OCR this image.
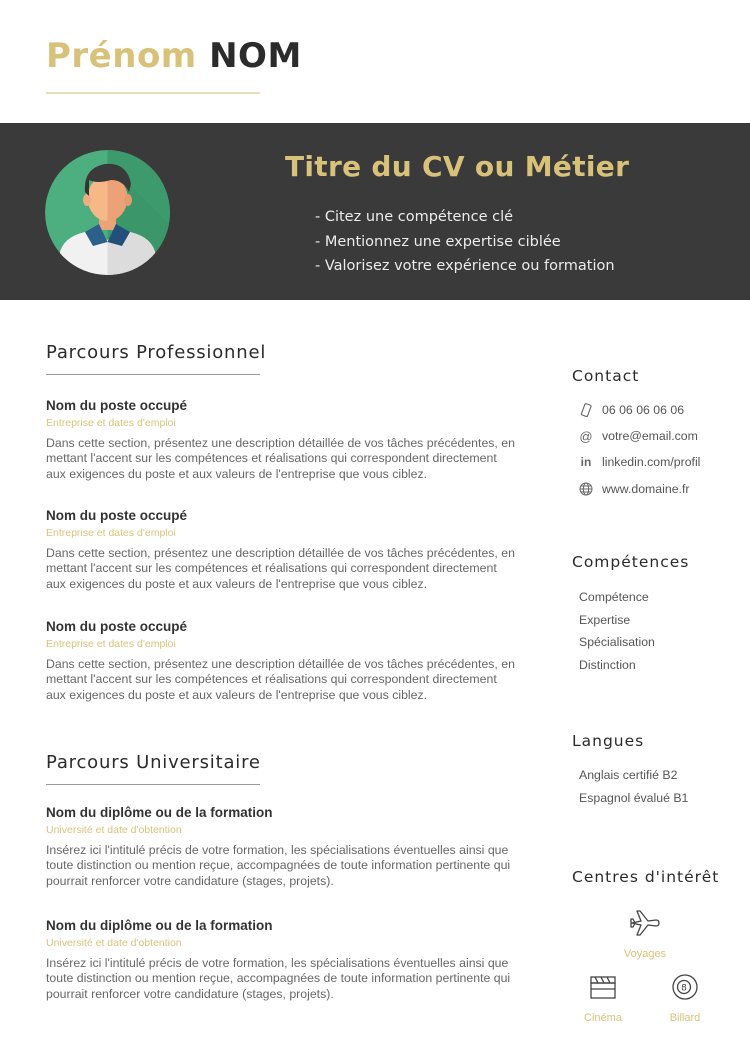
Prénom NOM
Titre du CV ou Métier
- Citez une compétence clé
- Mentionnez une expertise ciblée
- Valorisez votre expérience ou formation
Parcours Professionnel
Nom du poste occupé
Entreprise et dates d'emploi
Dans cette section, présentez une description détaillée de vos tâches précédentes, en mettant l'accent sur les compétences et réalisations qui correspondent directement aux exigences du poste et aux valeurs de l'entreprise que vous ciblez.
Nom du poste occupé
Entreprise et dates d'emploi
Dans cette section, présentez une description détaillée de vos tâches précédentes, en mettant l'accent sur les compétences et réalisations qui correspondent directement aux exigences du poste et aux valeurs de l'entreprise que vous ciblez.
Nom du poste occupé
Entreprise et dates d'emploi
Dans cette section, présentez une description détaillée de vos tâches précédentes, en mettant l'accent sur les compétences et réalisations qui correspondent directement aux exigences du poste et aux valeurs de l'entreprise que vous ciblez.
Parcours Universitaire
Nom du diplôme ou de la formation
Université et date d'obtention
Insérez ici l'intitulé précis de votre formation, les spécialisations éventuelles ainsi que toute distinction ou mention reçue, accompagnées de toute information pertinente qui pourrait renforcer votre candidature (stages, projets).
Nom du diplôme ou de la formation
Université et date d'obtention
Insérez ici l'intitulé précis de votre formation, les spécialisations éventuelles ainsi que toute distinction ou mention reçue, accompagnées de toute information pertinente qui pourrait renforcer votre candidature (stages, projets).
Contact
06 06 06 06 06
@ votre@email.com
in linkedin.com/profil
www.domaine.fr
Compétences
Compétence
Expertise
Spécialisation
Distinction
Langues
Anglais certifié B2
Espagnol évalué B1
Centres d'intérêt
Voyages
Cinéma
8
Billard
